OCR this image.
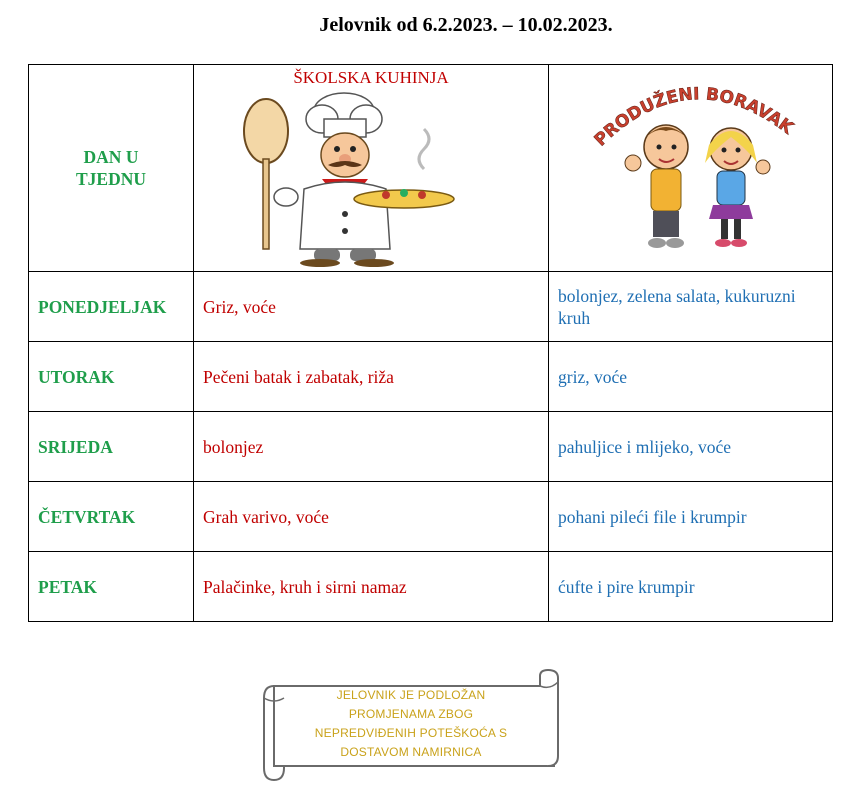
Jelovnik od 6.2.2023. – 10.02.2023.
DAN U
TJEDNU	ŠKOLSKA KUHINJA	PRODUŽENI BORAVAK

PONEDJELJAK	Griz, voće	bolonjez, zelena salata, kukuruzni kruh
UTORAK	Pečeni batak i zabatak, riža	griz, voće
SRIJEDA	bolonjez	pahuljice i mlijeko, voće
ČETVRTAK	Grah varivo, voće	pohani pileći file i krumpir
PETAK	Palačinke, kruh i sirni namaz	ćufte i pire krumpir
JELOVNIK JE PODLOŽAN
PROMJENAMA ZBOG
NEPREDVIĐENIH POTEŠKOĆA S
DOSTAVOM NAMIRNICA
